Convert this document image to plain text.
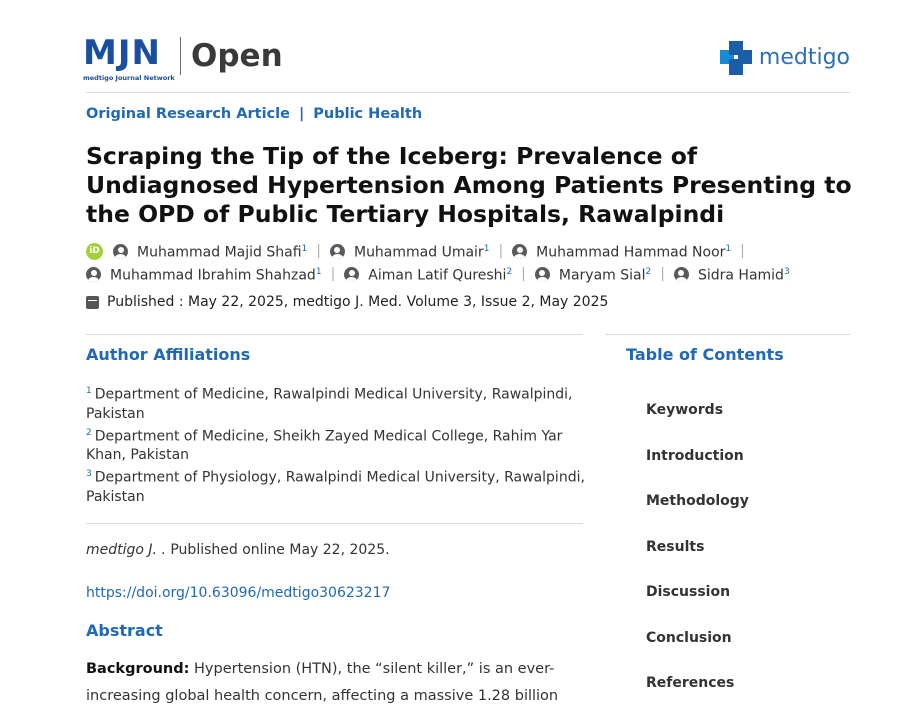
MJN
medtigo Journal Network
Open	medtigo
Original Research Article | Public Health
Scraping the Tip of the Iceberg: Prevalence of Undiagnosed Hypertension Among Patients Presenting to the OPD of Public Tertiary Hospitals, Rawalpindi
iD	Muhammad Majid Shafi$^1$ | Muhammad Umair$^1$ | Muhammad Hammad Noor$^1$ |
Muhammad Ibrahim Shahzad$^1$ | Aiman Latif Qureshi$^2$ | Maryam Sial$^2$ | Sidra Hamid$^3$
Published : May 22, 2025, medtigo J. Med. Volume 3, Issue 2, May 2025
Author Affiliations
$^1$ Department of Medicine, Rawalpindi Medical University, Rawalpindi, Pakistan
$^2$ Department of Medicine, Sheikh Zayed Medical College, Rahim Yar Khan, Pakistan
$^3$ Department of Physiology, Rawalpindi Medical University, Rawalpindi, Pakistan
medtigo J. . Published online May 22, 2025.
https://doi.org/10.63096/medtigo30623217
Abstract

Background: Hypertension (HTN), the “silent killer,” is an ever-increasing global health concern, affecting a massive 1.28 billion

Table of Contents
Keywords
Introduction
Methodology
Results
Discussion
Conclusion
References
